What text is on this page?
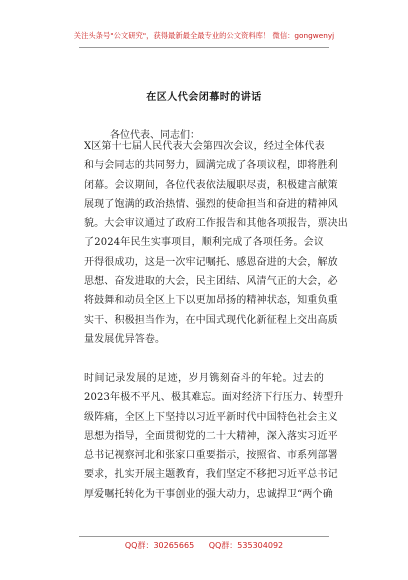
关注头条号"公文研究"，获得最新最全最专业的公文资料库！ 微信：gongwenyj
在区人代会闭幕时的讲话
各位代表、同志们：
X区第十七届人民代表大会第四次会议，经过全体代表
和与会同志的共同努力，圆满完成了各项议程，即将胜利
闭幕。会议期间，各位代表依法履职尽责，积极建言献策
展现了饱满的政治热情、强烈的使命担当和奋进的精神风
貌。大会审议通过了政府工作报告和其他各项报告，票决出
了2024年民生实事项目，顺利完成了各项任务。会议
开得很成功，这是一次牢记嘱托、感恩奋进的大会，解放
思想、奋发进取的大会，民主团结、风清气正的大会，必
将鼓舞和动员全区上下以更加昂扬的精神状态，知重负重
实干、积极担当作为，在中国式现代化新征程上交出高质
量发展优异答卷。
时间记录发展的足迹，岁月镌刻奋斗的年轮。过去的
2023年极不平凡、极其难忘。面对经济下行压力、转型升
级阵痛，全区上下坚持以习近平新时代中国特色社会主义
思想为指导，全面贯彻党的二十大精神，深入落实习近平
总书记视察河北和张家口重要指示，按照省、市系列部署
要求，扎实开展主题教育，我们坚定不移把习近平总书记
厚爱嘱托转化为干事创业的强大动力，忠诚捍卫“两个确
QQ群：30265665 QQ群：535304092
